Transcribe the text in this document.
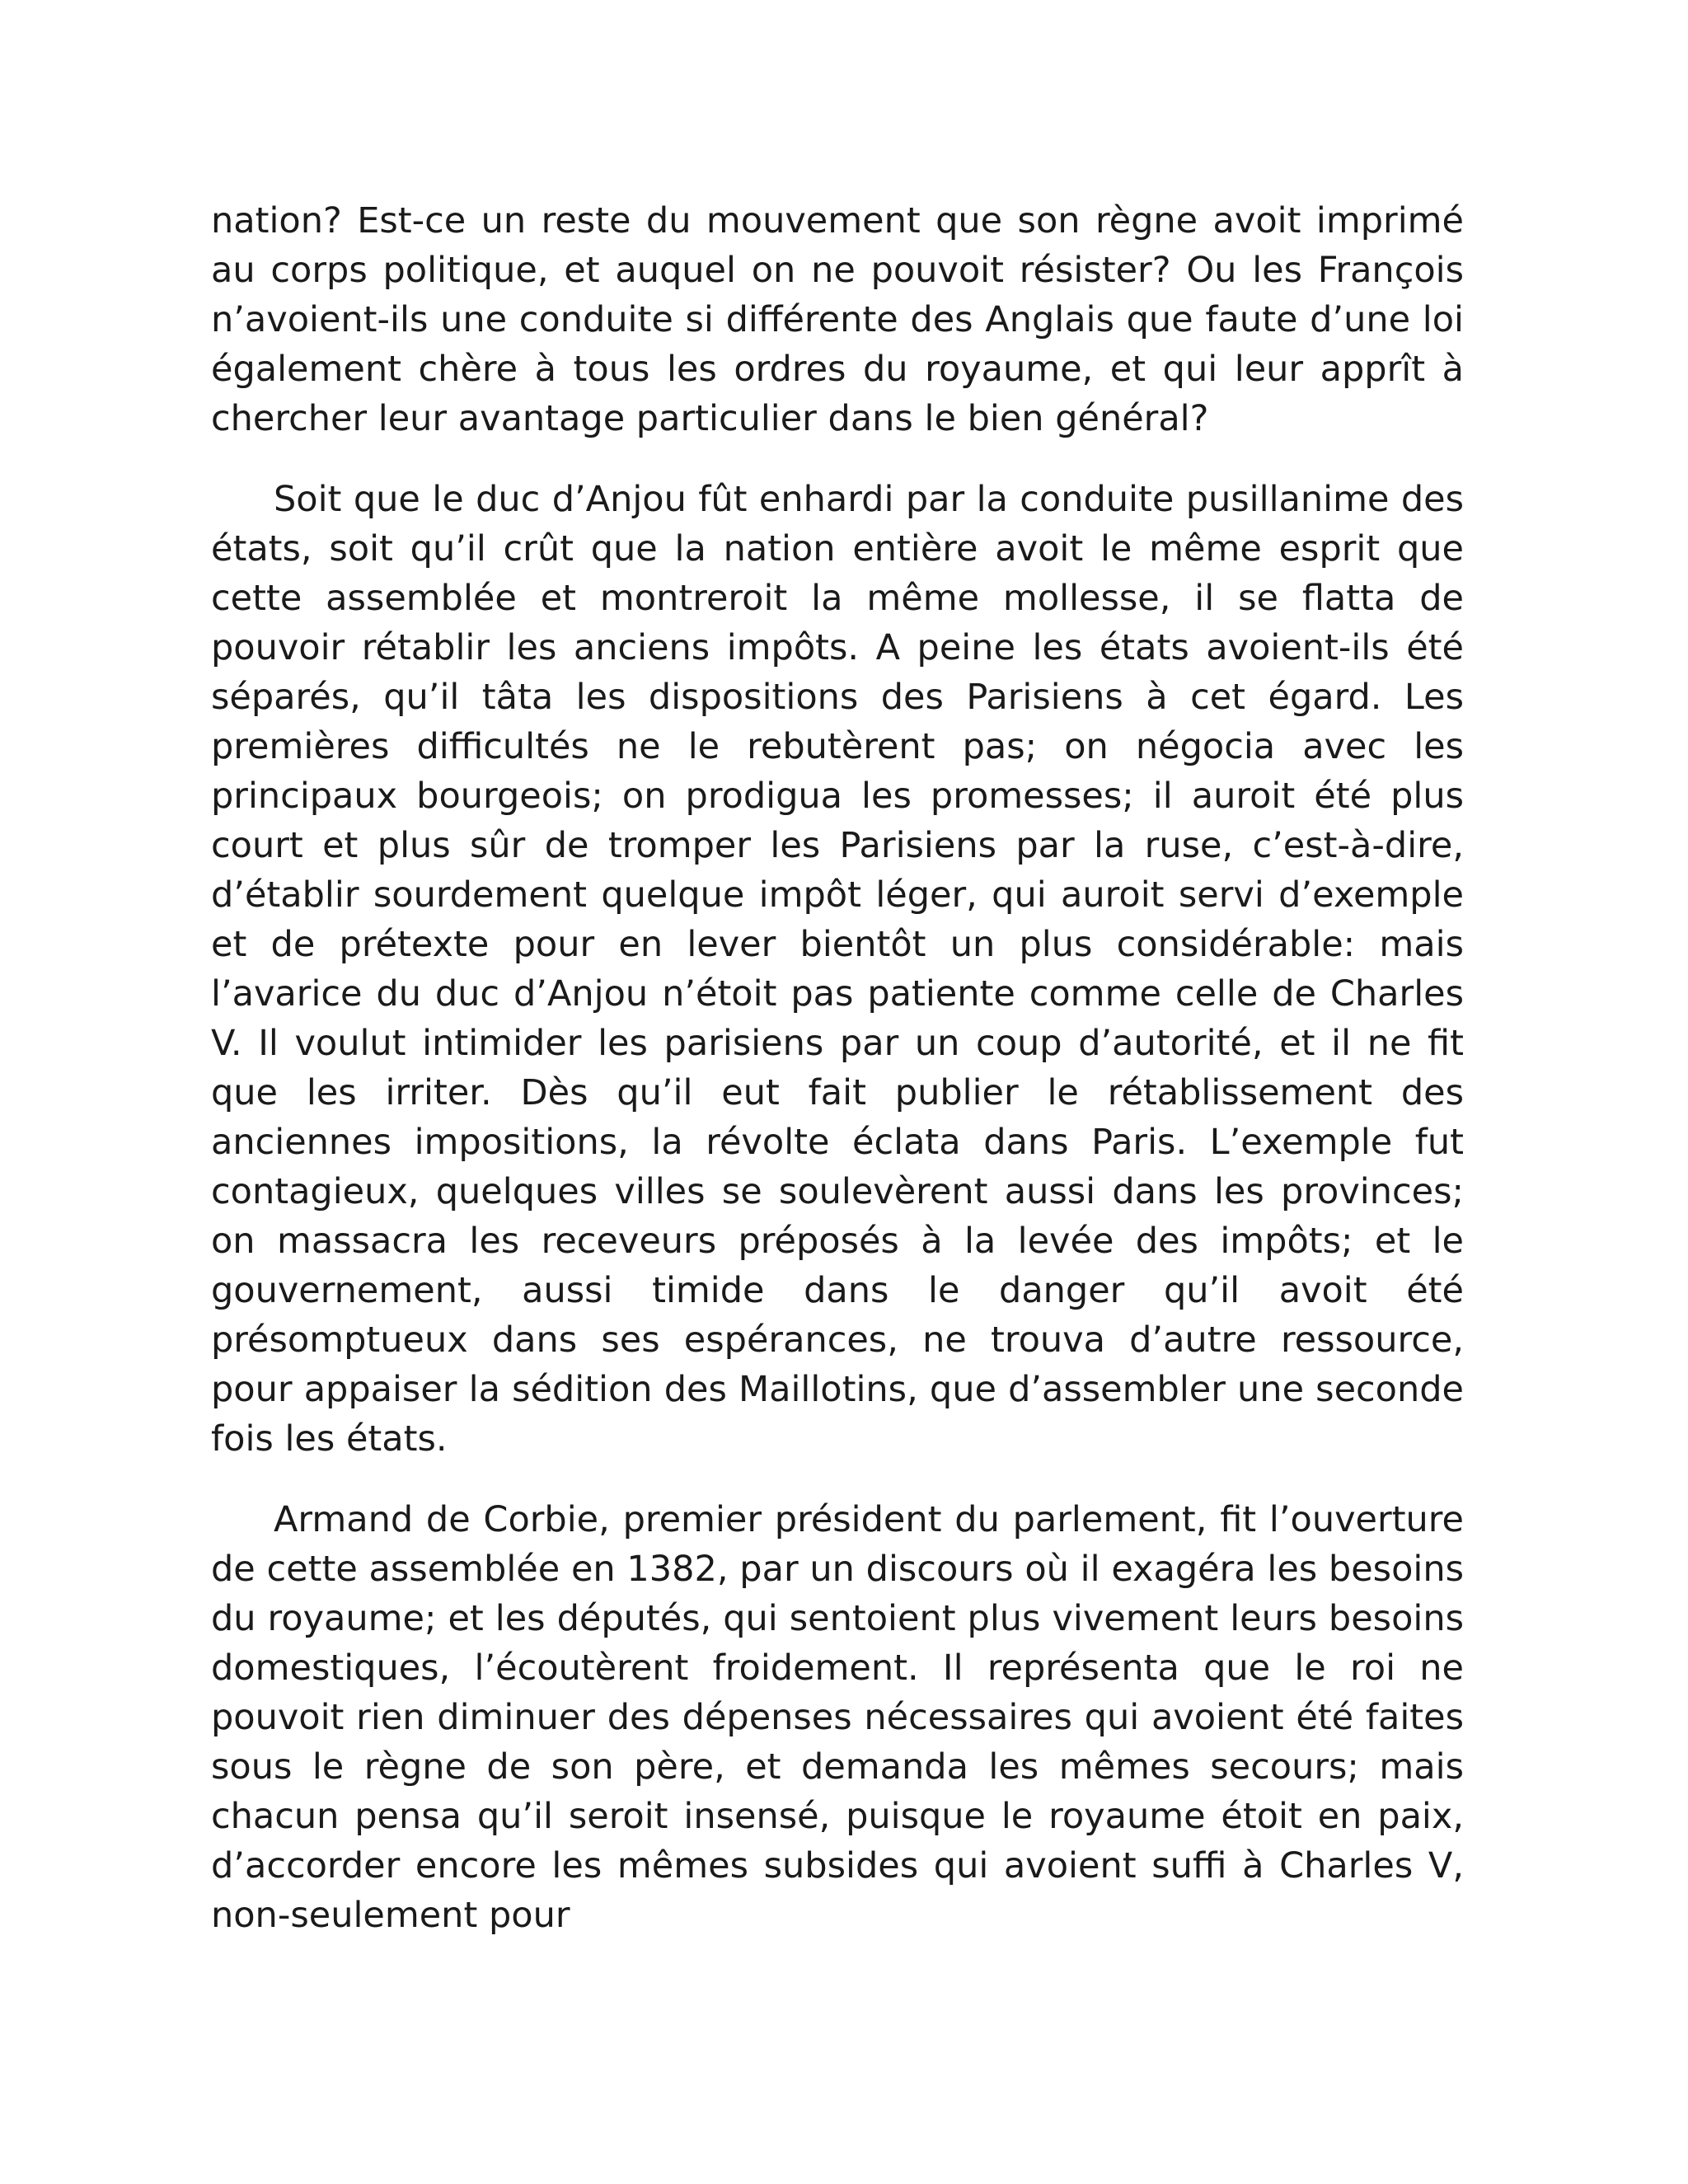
nation? Est-ce un reste du mouvement que son règne avoit imprimé au corps politique, et auquel on ne pouvoit résister? Ou les François n’avoient-ils une conduite si différente des Anglais que faute d’une loi également chère à tous les ordres du royaume, et qui leur apprît à chercher leur avantage particulier dans le bien général?

Soit que le duc d’Anjou fût enhardi par la conduite pusillanime des états, soit qu’il crût que la nation entière avoit le même esprit que cette assemblée et montreroit la même mollesse, il se flatta de pouvoir rétablir les anciens impôts. A peine les états avoient-ils été séparés, qu’il tâta les dispositions des Parisiens à cet égard. Les premières difficultés ne le rebutèrent pas; on négocia avec les principaux bourgeois; on prodigua les promesses; il auroit été plus court et plus sûr de tromper les Parisiens par la ruse, c’est-à-dire, d’établir sourdement quelque impôt léger, qui auroit servi d’exemple et de prétexte pour en lever bientôt un plus considérable: mais l’avarice du duc d’Anjou n’étoit pas patiente comme celle de Charles V. Il voulut intimider les parisiens par un coup d’autorité, et il ne fit que les irriter. Dès qu’il eut fait publier le rétablissement des anciennes impositions, la révolte éclata dans Paris. L’exemple fut contagieux, quelques villes se soulevèrent aussi dans les provinces; on massacra les receveurs préposés à la levée des impôts; et le gouvernement, aussi timide dans le danger qu’il avoit été présomptueux dans ses espérances, ne trouva d’autre ressource, pour appaiser la sédition des Maillotins, que d’assembler une seconde fois les états.

Armand de Corbie, premier président du parlement, fit l’ouverture de cette assemblée en 1382, par un discours où il exagéra les besoins du royaume; et les députés, qui sentoient plus vivement leurs besoins domestiques, l’écoutèrent froidement. Il représenta que le roi ne pouvoit rien diminuer des dépenses nécessaires qui avoient été faites sous le règne de son père, et demanda les mêmes secours; mais chacun pensa qu’il seroit insensé, puisque le royaume étoit en paix, d’accorder encore les mêmes subsides qui avoient suffi à Charles V, non-seulement pour
